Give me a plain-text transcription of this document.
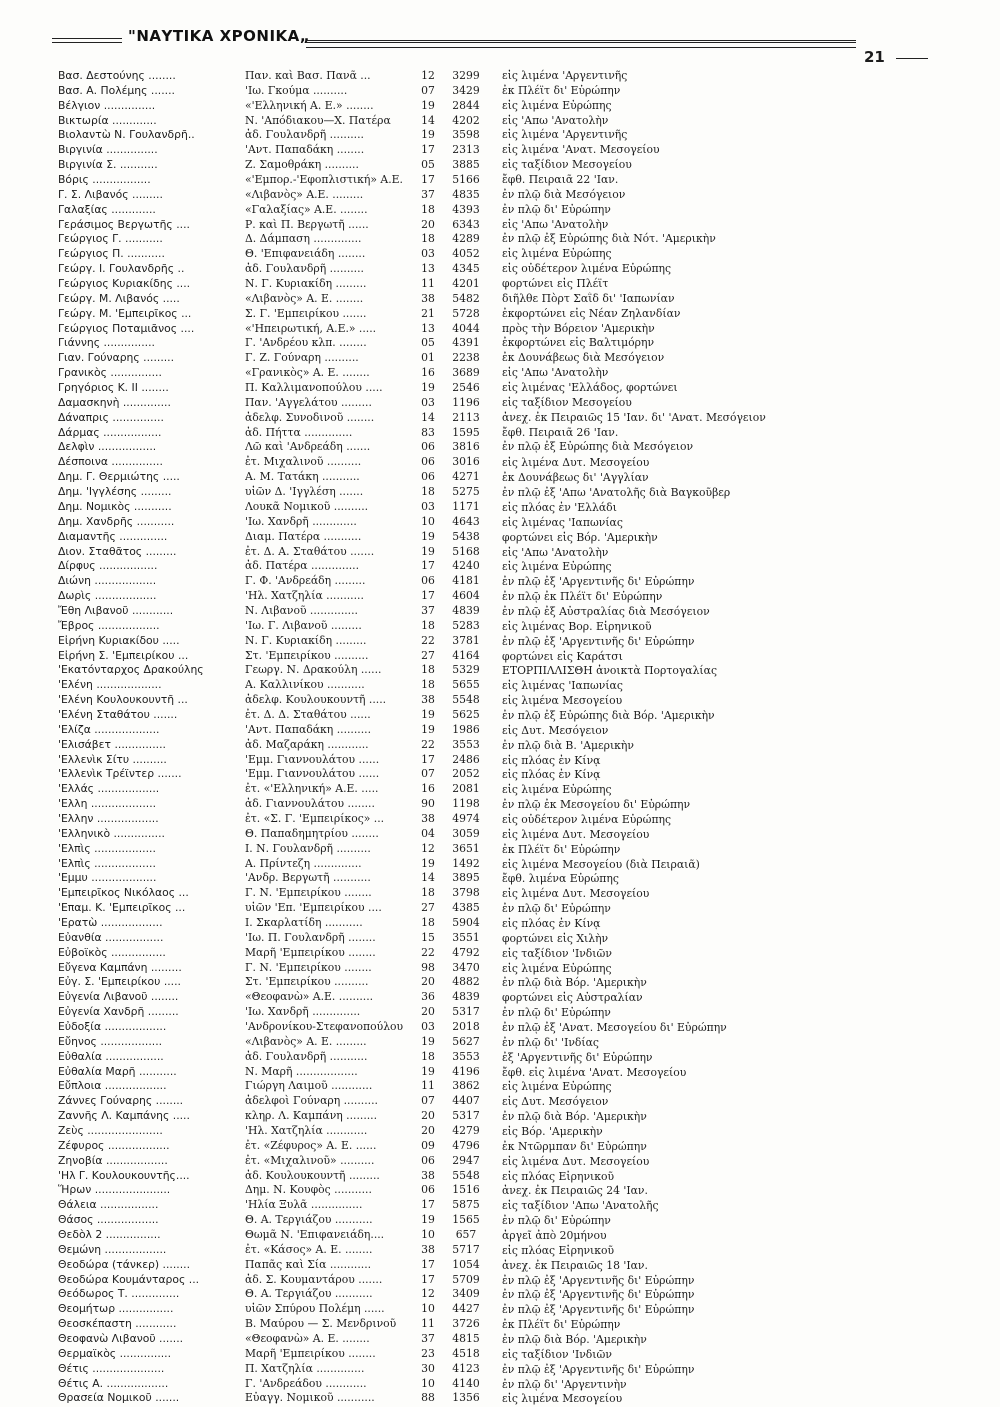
"ΝΑΥΤΙΚΑ ΧΡΟΝΙΚΑ„
21
Βασ. Δεστούνης ........	Παν. καὶ Βασ. Πανᾶ ...	12	3299	εἰς λιμένα 'Αργεντινῆς
Βασ. Α. Πολέμης .......	'Ιω. Γκούμα ..........	07	3429	ἐκ Πλέϊτ δι' Εὐρώπην
Βέλγιον ...............	«'Ελληνική Α. Ε.» ........	19	2844	εἰς λιμένα Εὐρώπης
Βικτωρία .............	Ν. 'Απόδιακου—Χ. Πατέρα	14	4202	εἰς 'Απω 'Ανατολὴν
Βιολαντὼ Ν. Γουλανδρῆ..	ἀδ. Γουλανδρῆ ..........	19	3598	εἰς λιμένα 'Αργεντινῆς
Βιργινία ...............	'Αντ. Παπαδάκη ........	17	2313	εἰς λιμένα 'Ανατ. Μεσογείου
Βιργινία Σ. ...........	Ζ. Σαμοθράκη ..........	05	3885	εἰς ταξίδιον Μεσογείου
Βόρις .................	«'Εμπορ.-'Εφοπλιστική» Α.Ε.	17	5166	ἔφθ. Πειραιᾶ 22 'Ιαν.
Γ. Σ. Λιβανός .........	«Λιβανὸς» Α.Ε. .........	37	4835	ἐν πλῷ διὰ Μεσόγειον
Γαλαξίας .............	«Γαλαξίας» Α.Ε. ........	18	4393	ἐν πλῷ δι' Εὐρώπην
Γεράσιμος Βεργωτῆς ....	Ρ. καὶ Π. Βεργωτῆ ......	20	6343	εἰς 'Απω 'Ανατολὴν
Γεώργιος Γ. ...........	Δ. Δάμπαση ..............	18	4289	ἐν πλῷ ἐξ Εὐρώπης διὰ Νότ. 'Αμερικὴν
Γεώργιος Π. ...........	Θ. 'Επιφανειάδη ........	03	4052	εἰς λιμένα Εὐρώπης
Γεώργ. Ι. Γουλανδρῆς ..	ἀδ. Γουλανδρῆ ..........	13	4345	εἰς οὐδέτερον λιμένα Εὐρώπης
Γεώργιος Κυριακίδης ....	Ν. Γ. Κυριακίδη .........	11	4201	φορτώνει εἰς Πλέϊτ
Γεώργ. Μ. Λιβανός .....	«Λιβανὸς» Α. Ε. ........	38	5482	διῆλθε Πὸρτ Σαΐδ δι' 'Ιαπωνίαν
Γεώργ. Μ. 'Εμπειρῖκος ...	Σ. Γ. 'Εμπειρίκου .......	21	5728	ἐκφορτώνει εἰς Νέαν Ζηλανδίαν
Γεώργιος Ποταμιᾶνος ....	«'Ηπειρωτική, Α.Ε.» .....	13	4044	πρὸς τὴν Βόρειον 'Αμερικὴν
Γιάννης ...............	Γ. 'Ανδρέου κλπ. ........	05	4391	ἐκφορτώνει εἰς Βαλτιμόρην
Γιαν. Γούναρης .........	Γ. Ζ. Γούναρη ..........	01	2238	ἐκ Δουνάβεως διὰ Μεσόγειον
Γρανικὸς ...............	«Γρανικὸς» Α. Ε. ........	16	3689	εἰς 'Απω 'Ανατολὴν
Γρηγόριος Κ. ΙΙ ........	Π. Καλλιμανοπούλου .....	19	2546	εἰς λιμένας 'Ελλάδος, φορτώνει
Δαμασκηνὴ ..............	Παν. 'Αγγελάτου .........	03	1196	εἰς ταξίδιον Μεσογείου
Δάναπρις ...............	ἀδελφ. Συνοδινοῦ ........	14	2113	ἀνεχ. ἐκ Πειραιῶς 15 'Ιαν. δι' 'Ανατ. Μεσόγειον
Δάρμας .................	ἀδ. Πήττα ..............	83	1595	ἔφθ. Πειραιᾶ 26 'Ιαν.
Δελφὶν .................	Λῶ καὶ 'Ανδρεάδη .......	06	3816	ἐν πλῷ ἐξ Εὐρώπης διὰ Μεσόγειον
Δέσποινα ...............	ἐτ. Μιχαλινοῦ ..........	06	3016	εἰς λιμένα Δυτ. Μεσογείου
Δημ. Γ. Θερμιώτης .....	Α. Μ. Τατάκη ...........	06	4271	ἐκ Δουνάβεως δι' 'Αγγλίαν
Δημ. 'Ιγγλέσης .........	υἱῶν Δ. 'Ιγγλέση .......	18	5275	ἐν πλῷ ἐξ 'Απω 'Ανατολῆς διὰ Βαγκοῦβερ
Δημ. Νομικὸς ...........	Λουκᾶ Νομικοῦ ..........	03	1171	εἰς πλόας ἐν 'Ελλάδι
Δημ. Χανδρῆς ...........	'Ιω. Χανδρῆ .............	10	4643	εἰς λιμένας 'Ιαπωνίας
Διαμαντῆς ..............	Διαμ. Πατέρα ...........	19	5438	φορτώνει εἰς Βόρ. 'Αμερικὴν
Διον. Σταθᾶτος .........	ἐτ. Δ. Α. Σταθάτου .......	19	5168	εἰς 'Απω 'Ανατολὴν
Δίρφυς .................	ἀδ. Πατέρα ..............	17	4240	εἰς λιμένα Εὐρώπης
Διώνη ..................	Γ. Φ. 'Ανδρεάδη .........	06	4181	ἐν πλῷ ἐξ 'Αργεντινῆς δι' Εὐρώπην
Δωρὶς ..................	'Ηλ. Χατζηλία ...........	17	4604	ἐν πλῷ ἐκ Πλέϊτ δι' Εὐρώπην
Ἔθη Λιβανοῦ ............	Ν. Λιβανοῦ ..............	37	4839	ἐν πλῷ ἐξ Αὐστραλίας διὰ Μεσόγειον
Ἔβρος ..................	'Ιω. Γ. Λιβανοῦ .........	18	5283	εἰς λιμένας Βορ. Εἰρηνικοῦ
Εἰρήνη Κυριακίδου .....	Ν. Γ. Κυριακίδη .........	22	3781	ἐν πλῷ ἐξ 'Αργεντινῆς δι' Εὐρώπην
Εἰρήνη Σ. 'Εμπειρίκου ...	Στ. 'Εμπειρίκου ..........	27	4164	φορτώνει εἰς Καράτσι
'Εκατόνταρχος Δρακούλης	Γεωργ. Ν. Δρακούλη ......	18	5329	ΕΤΟΡΠΙΛΛΙΣΘΗ ἀνοικτὰ Πορτογαλίας
'Ελένη ...................	Α. Καλλινίκου ...........	18	5655	εἰς λιμένας 'Ιαπωνίας
'Ελένη Κουλουκουντῆ ...	ἀδελφ. Κουλουκουντῆ .....	38	5548	εἰς λιμένα Μεσογείου
'Ελένη Σταθάτου .......	ἐτ. Δ. Δ. Σταθάτου ......	19	5625	ἐν πλῷ ἐξ Εὐρώπης διὰ Βόρ. 'Αμερικὴν
'Ελίζα ...................	'Αντ. Παπαδάκη ..........	19	1986	εἰς Δυτ. Μεσόγειον
'Ελισάβετ ...............	ἀδ. Μαζαράκη ............	22	3553	ἐν πλῷ διὰ Β. 'Αμερικὴν
'Ελλενὶκ Σίτυ ..........	'Εμμ. Γιαννουλάτου ......	17	2486	εἰς πλόας ἐν Κίνᾳ
'Ελλενὶκ Τρέϊντερ .......	'Εμμ. Γιαννουλάτου ......	07	2052	εἰς πλόας ἐν Κίνᾳ
'Ελλάς ..................	ἐτ. «'Ελληνική» Α.Ε. .....	16	2081	εἰς λιμένα Εὐρώπης
'Ελλη ...................	ἀδ. Γιαννουλάτου ........	90	1198	ἐν πλῷ ἐκ Μεσογείου δι' Εὐρώπην
'Ελλην ..................	ἐτ. «Σ. Γ. 'Εμπειρίκος» ...	38	4974	εἰς οὐδέτερον λιμένα Εὐρώπης
'Ελληνικὸ ...............	Θ. Παπαδημητρίου ........	04	3059	εἰς λιμένα Δυτ. Μεσογείου
'Ελπὶς ..................	Ι. Ν. Γουλανδρῆ ..........	12	3651	ἐκ Πλέϊτ δι' Εὐρώπην
'Ελπὶς ..................	Α. Πρίντεζη ..............	19	1492	εἰς λιμένα Μεσογείου (διὰ Πειραιᾶ)
'Εμμυ ...................	'Ανδρ. Βεργωτῆ ...........	14	3895	ἔφθ. λιμένα Εὐρώπης
'Εμπειρῖκος Νικόλαος ...	Γ. Ν. 'Εμπειρίκου ........	18	3798	εἰς λιμένα Δυτ. Μεσογείου
'Επαμ. Κ. 'Εμπειρῖκος ...	υἱῶν 'Επ. 'Εμπειρίκου ....	27	4385	ἐν πλῷ δι' Εὐρώπην
'Ερατὼ ..................	Ι. Σκαρλατίδη ...........	18	5904	εἰς πλόας ἐν Κίνᾳ
Εὐανθία .................	'Ιω. Π. Γουλανδρῆ ........	15	3551	φορτώνει εἰς Χιλὴν
Εὐβοϊκὸς ................	Μαρῆ 'Εμπειρίκου ........	22	4792	εἰς ταξίδιον 'Ινδιῶν
Εὔγενα Καμπάνη .........	Γ. Ν. 'Εμπειρίκου ........	98	3470	εἰς λιμένα Εὐρώπης
Εὐγ. Σ. 'Εμπειρίκου .....	Στ. 'Εμπειρίκου ..........	20	4882	ἐν πλῷ διὰ Βόρ. 'Αμερικὴν
Εὐγενία Λιβανοῦ ........	«Θεοφανὼ» Α.Ε. ..........	36	4839	φορτώνει εἰς Αὐστραλίαν
Εὐγενία Χανδρῆ .........	'Ιω. Χανδρῆ ..............	20	5317	ἐν πλῷ δι' Εὐρώπην
Εὐδοξία ..................	'Ανδρονίκου-Στεφανοπούλου	03	2018	ἐν πλῷ ἐξ 'Ανατ. Μεσογείου δι' Εὐρώπην
Εὔηνος ..................	«Λιβανὸς» Α. Ε. .........	19	5627	ἐν πλῷ δι' 'Ινδίας
Εὐθαλία .................	ἀδ. Γουλανδρῆ ...........	18	3553	ἐξ 'Αργεντινῆς δι' Εὐρώπην
Εὐθαλία Μαρῆ ...........	Ν. Μαρῆ ..................	19	4196	ἔφθ. εἰς λιμένα 'Ανατ. Μεσογείου
Εὔπλοια ..................	Γιώργη Λαιμοῦ ............	11	3862	εἰς λιμένα Εὐρώπης
Ζάννες Γούναρης ........	ἀδελφοὶ Γούναρη ..........	07	4407	εἰς Δυτ. Μεσόγειον
Ζαννῆς Λ. Καμπάνης .....	κληρ. Λ. Καμπάνη .........	20	5317	ἐν πλῷ διὰ Βόρ. 'Αμερικὴν
Ζεὺς ......................	'Ηλ. Χατζηλία ............	20	4279	εἰς Βόρ. 'Αμερικὴν
Ζέφυρος ..................	ἐτ. «Ζέφυρος» Α. Ε. ......	09	4796	ἐκ Ντῶρμπαν δι' Εὐρώπην
Ζηνοβία ..................	ἐτ. «Μιχαλινοῦ» ..........	06	2947	εἰς λιμένα Δυτ. Μεσογείου
'Ηλ Γ. Κουλουκουντῆς....	ἀδ. Κουλουκουντῆ .........	38	5548	εἰς πλόας Εἰρηνικοῦ
Ἥρων ......................	Δημ. Ν. Κουφὸς ...........	06	1516	ἀνεχ. ἐκ Πειραιῶς 24 'Ιαν.
Θάλεια .................	'Ηλία Ξυλᾶ ...............	17	5875	εἰς ταξίδιον 'Απω 'Ανατολῆς
Θάσος ..................	Θ. Α. Τεργιάζου ...........	19	1565	ἐν πλῷ δι' Εὐρώπην
Θεδὸλ 2 ................	Θωμᾶ Ν. 'Επιφανειάδη....	10	657	ἀργεῖ ἀπὸ 20μήνου
Θεμώνη ..................	ἐτ. «Κάσος» Α. Ε. ........	38	5717	εἰς πλόας Εἰρηνικοῦ
Θεοδώρα (τάνκερ) ........	Παπᾶς καὶ Σία ............	17	1054	ἀνεχ. ἐκ Πειραιῶς 18 'Ιαν.
Θεοδώρα Κουμάνταρος ...	ἀδ. Σ. Κουμαντάρου .......	17	5709	ἐν πλῷ ἐξ 'Αργεντινῆς δι' Εὐρώπην
Θεόδωρος Τ. ..............	Θ. Α. Τεργιάζου ...........	12	3409	ἐν πλῷ ἐξ 'Αργεντινῆς δι' Εὐρώπην
Θεομήτωρ ................	υἱῶν Σπύρου Πολέμη ......	10	4427	ἐν πλῷ ἐξ 'Αργεντινῆς δι' Εὐρώπην
Θεοσκέπαστη ............	Β. Μαύρου — Σ. Μενδρινοῦ	11	3726	ἐκ Πλέϊτ δι' Εὐρώπην
Θεοφανὼ Λιβανοῦ .......	«Θεοφανὼ» Α. Ε. ........	37	4815	ἐν πλῷ διὰ Βόρ. 'Αμερικὴν
Θερμαϊκὸς ...............	Μαρῆ 'Εμπειρίκου ........	23	4518	εἰς ταξίδιον 'Ινδιῶν
Θέτις .....................	Π. Χατζηλία ..............	30	4123	ἐν πλῷ ἐξ 'Αργεντινῆς δι' Εὐρώπην
Θέτις Α. ..................	Γ. 'Ανδρεάδου ............	10	4140	ἐν πλῷ δι' 'Αργεντινὴν
Θρασεία Νομικοῦ .......	Εὐαγγ. Νομικοῦ ...........	88	1356	εἰς λιμένα Μεσογείου
